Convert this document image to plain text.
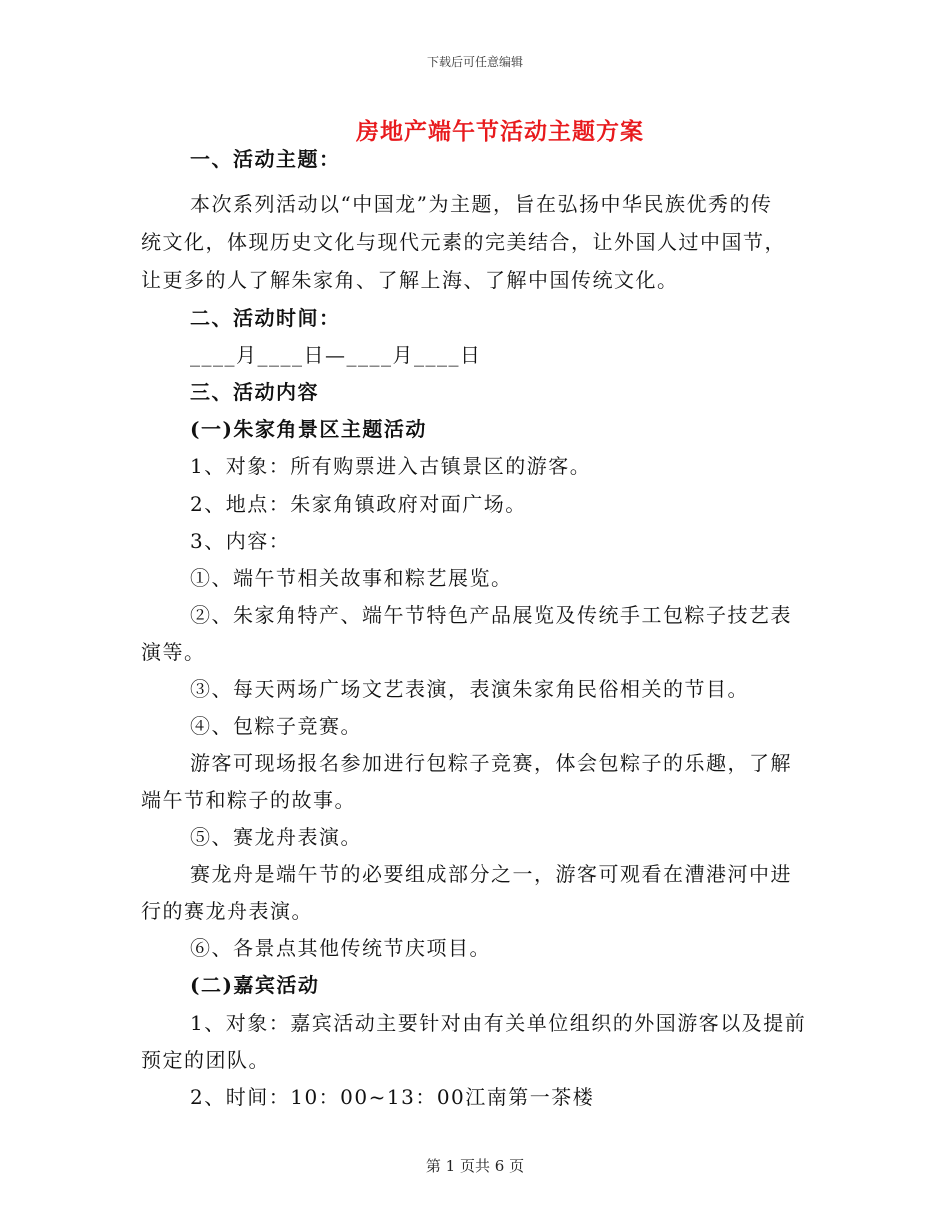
下载后可任意编辑
房地产端午节活动主题方案
一、活动主题：
本次系列活动以“中国龙”为主题，旨在弘扬中华民族优秀的传
统文化，体现历史文化与现代元素的完美结合，让外国人过中国节，
让更多的人了解朱家角、了解上海、了解中国传统文化。
二、活动时间：
____月____日—____月____日
三、活动内容
(一)朱家角景区主题活动
1、对象：所有购票进入古镇景区的游客。
2、地点：朱家角镇政府对面广场。
3、内容：
①、端午节相关故事和粽艺展览。
②、朱家角特产、端午节特色产品展览及传统手工包粽子技艺表
演等。
③、每天两场广场文艺表演，表演朱家角民俗相关的节目。
④、包粽子竞赛。
游客可现场报名参加进行包粽子竞赛，体会包粽子的乐趣，了解
端午节和粽子的故事。
⑤、赛龙舟表演。
赛龙舟是端午节的必要组成部分之一，游客可观看在漕港河中进
行的赛龙舟表演。
⑥、各景点其他传统节庆项目。
(二)嘉宾活动
1、对象：嘉宾活动主要针对由有关单位组织的外国游客以及提前
预定的团队。
2、时间：10：00~13：00江南第一茶楼
第 1 页共 6 页
